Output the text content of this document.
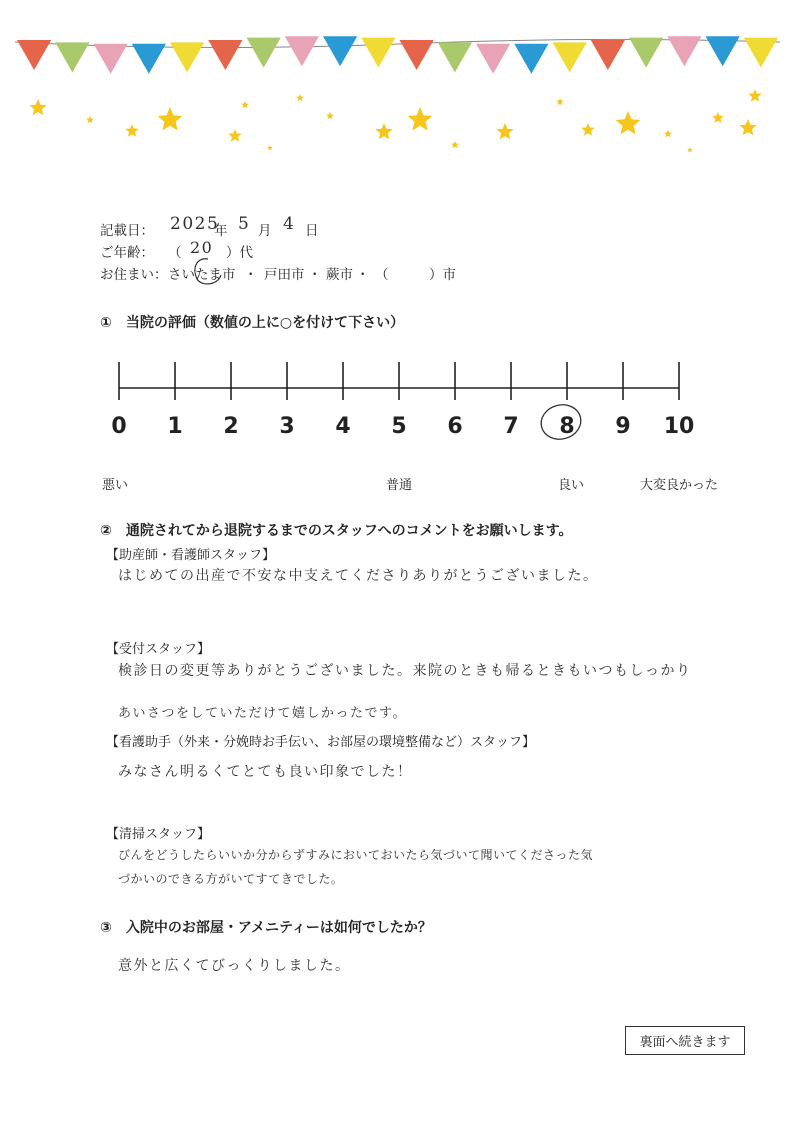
記載日： 2025
年 5 月 4 日
ご年齢： （ 20 ）代
お住まい： さいたま市 ・ 戸田市 ・ 蕨市 ・ （　　　）市
①　当院の評価（数値の上に○を付けて下さい）
0 1 2 3 4 5 6 7 8 9 10
悪い	普通	良い	大変良かった
②　通院されてから退院するまでのスタッフへのコメントをお願いします。
【助産師・看護師スタッフ】
はじめての出産で不安な中支えてくださりありがとうございました。
【受付スタッフ】
検診日の変更等ありがとうございました。来院のときも帰るときもいつもしっかり
あいさつをしていただけて嬉しかったです。
【看護助手（外来・分娩時お手伝い、お部屋の環境整備など）スタッフ】
みなさん明るくてとても良い印象でした！
【清掃スタッフ】
びんをどうしたらいいか分からずすみにおいておいたら気づいて聞いてくださった気
づかいのできる方がいてすてきでした。
③　入院中のお部屋・アメニティーは如何でしたか？
意外と広くてびっくりしました。
裏面へ続きます
